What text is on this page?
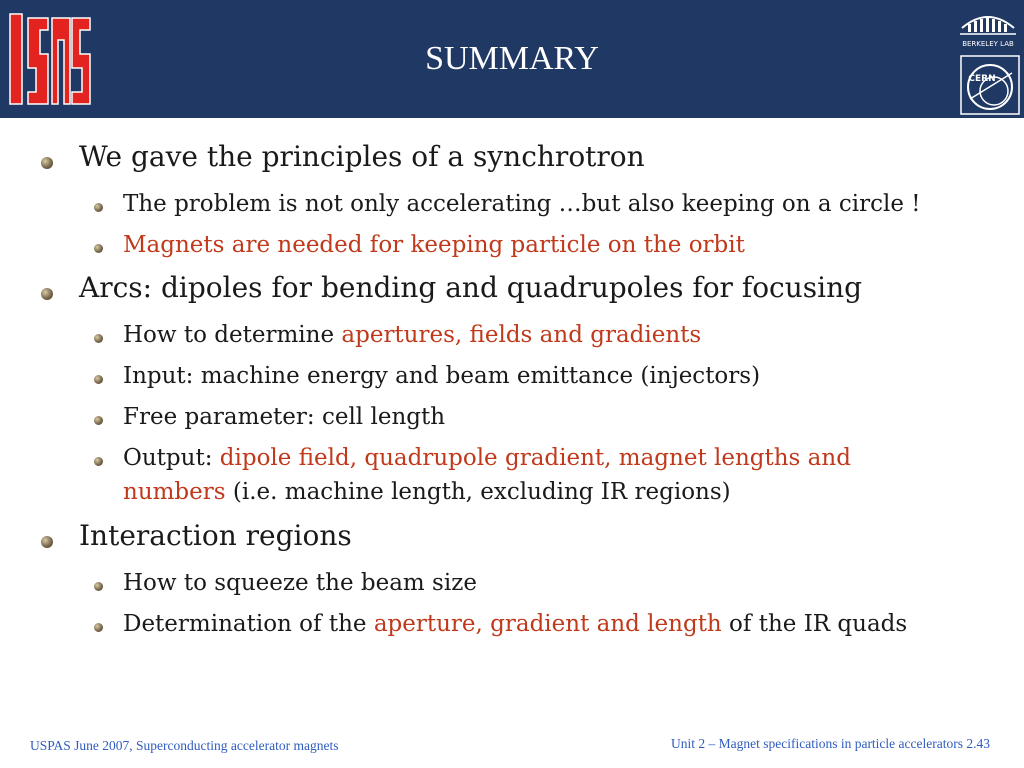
SUMMARY	BERKELEY LAB
CERN

We gave the principles of a synchrotron

The problem is not only accelerating …but also keeping on a circle !

Magnets are needed for keeping particle on the orbit

Arcs: dipoles for bending and quadrupoles for focusing

How to determine apertures, fields and gradients

Input: machine energy and beam emittance (injectors)

Free parameter: cell length

Output: dipole field, quadrupole gradient, magnet lengths and numbers (i.e. machine length, excluding IR regions)

Interaction regions

How to squeeze the beam size

Determination of the aperture, gradient and length of the IR quads

USPAS June 2007, Superconducting accelerator magnets	Unit 2 – Magnet specifications in particle accelerators 2.43
